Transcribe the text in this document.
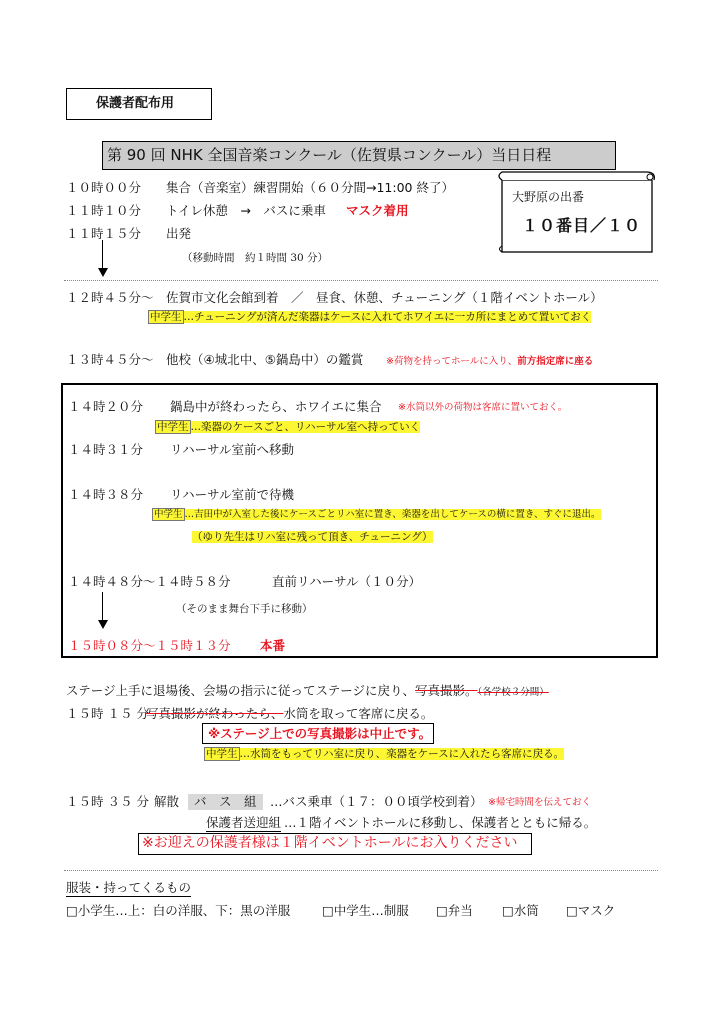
保護者配布用
第 90 回 NHK 全国音楽コンクール（佐賀県コンクール）当日日程
大野原の出番
１０番目／１０
１０時００分 集合（音楽室）練習開始（６０分間→11:00 終了）
１１時１０分 トイレ休憩　→　バスに乗車 マスク着用
１１時１５分 出発
（移動時間　約１時間 30 分）
１２時４５分～ 佐賀市文化会館到着　／　昼食、休憩、チューニング（１階イベントホール）
中学生 …チューニングが済んだ楽器はケースに入れてホワイエに一カ所にまとめて置いておく
１３時４５分～ 他校（④城北中、⑤鍋島中）の鑑賞 ※荷物を持ってホールに入り、前方指定席に座る
１４時２０分 鍋島中が終わったら、ホワイエに集合 ※水筒以外の荷物は客席に置いておく。
中学生 …楽器のケースごと、リハーサル室へ持っていく
１４時３１分 リハーサル室前へ移動
１４時３８分 リハーサル室前で待機
中学生 …吉田中が入室した後にケースごとリハ室に置き、楽器を出してケースの横に置き、すぐに退出。
（ゆり先生はリハ室に残って頂き、チューニング）
１４時４８分～１４時５８分	直前リハーサル（１０分）
（そのまま舞台下手に移動）
１５時０８分～１５時１３分 本番
ステージ上手に退場後、会場の指示に従ってステージに戻り、写真撮影。（各学校３分間）
１５時 １５ 分
写真撮影が終わったら、水筒を取って客席に戻る。
※ステージ上での写真撮影は中止です。
中学生 …水筒をもってリハ室に戻り、楽器をケースに入れたら客席に戻る。
１５時 ３５ 分 解散	バ　ス　組	…バス乗車（１７：００頃学校到着） ※帰宅時間を伝えておく
保護者送迎組 …１階イベントホールに移動し、保護者とともに帰る。
※お迎えの保護者様は１階イベントホールにお入りください
服装・持ってくるもの
□小学生…上：白の洋服、下：黒の洋服	□中学生…制服 □弁当 □水筒 □マスク
